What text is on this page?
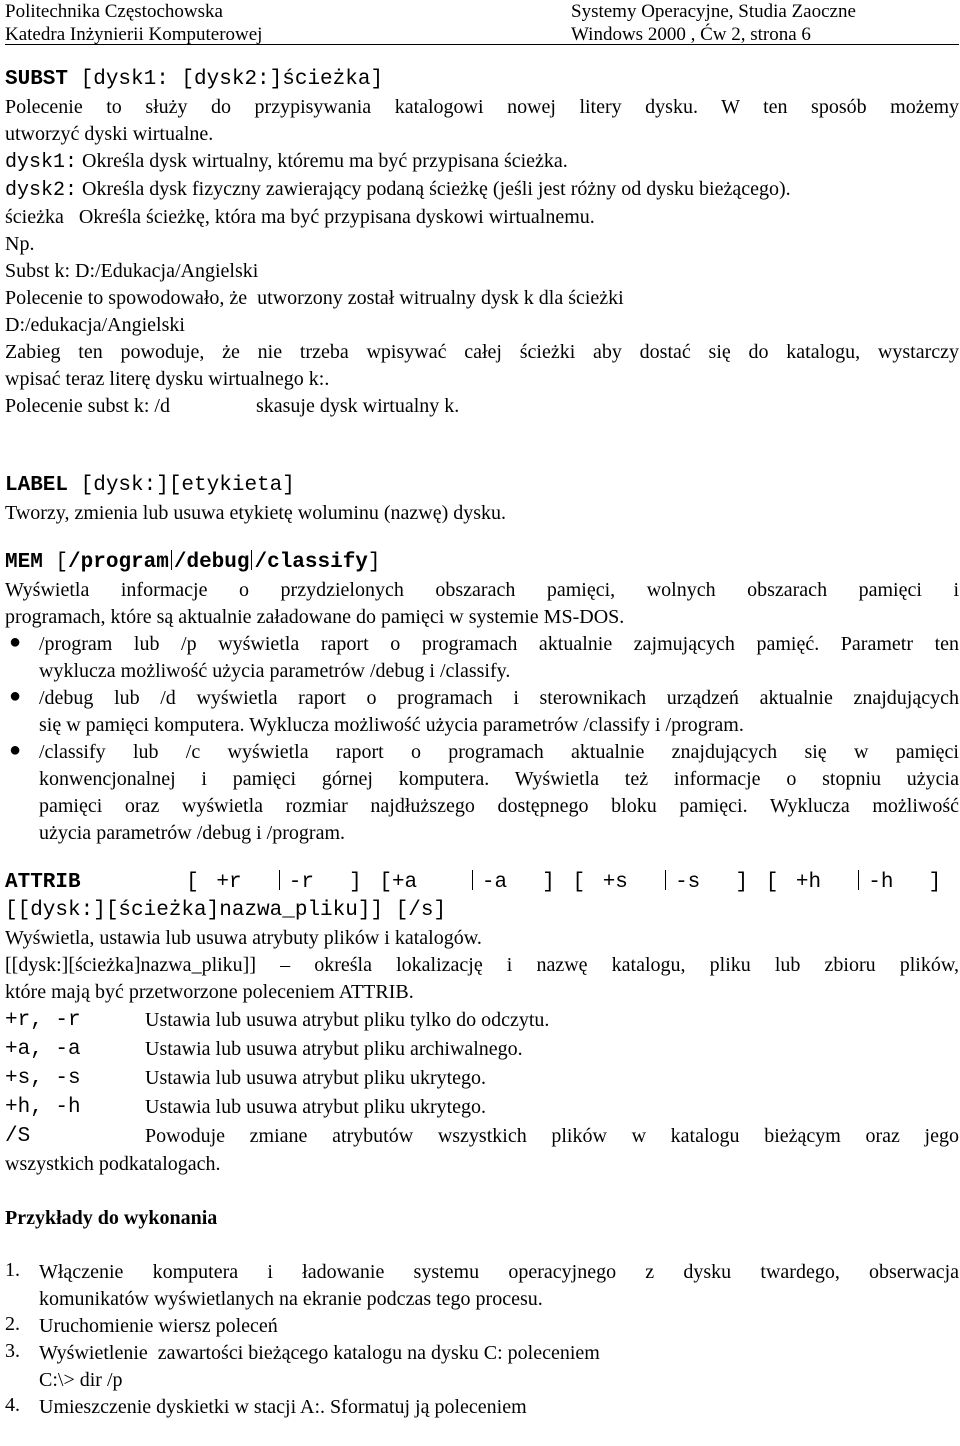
Politechnika Częstochowska
Katedra Inżynierii Komputerowej
Systemy Operacyjne, Studia Zaoczne
Windows 2000 , Ćw 2, strona 6
SUBST [dysk1: [dysk2:]ścieżka]
Polecenie to służy do przypisywania katalogowi nowej litery dysku. W ten sposób możemy
utworzyć dyski wirtualne.
dysk1: Określa dysk wirtualny, któremu ma być przypisana ścieżka.
dysk2: Określa dysk fizyczny zawierający podaną ścieżkę (jeśli jest różny od dysku bieżącego).
ścieżka   Określa ścieżkę, która ma być przypisana dyskowi wirtualnemu.
Np.
Subst k: D:/Edukacja/Angielski
Polecenie to spowodowało, że  utworzony został witrualny dysk k dla ścieżki
D:/edukacja/Angielski
Zabieg ten powoduje, że nie trzeba wpisywać całej ścieżki aby dostać się do katalogu, wystarczy
wpisać teraz literę dysku wirtualnego k:.
Polecenie subst k: /d	skasuje dysk wirtualny k.
LABEL [dysk:][etykieta]
Tworzy, zmienia lub usuwa etykietę woluminu (nazwę) dysku.
MEM [/program /debug /classify]
Wyświetla informacje o przydzielonych obszarach pamięci, wolnych obszarach pamięci i
programach, które są aktualnie załadowane do pamięci w systemie MS-DOS.
● /program lub /p wyświetla raport o programach aktualnie zajmujących pamięć. Parametr ten
wyklucza możliwość użycia parametrów /debug i /classify.
● /debug lub /d wyświetla raport o programach i sterownikach urządzeń aktualnie znajdujących
się w pamięci komputera. Wyklucza możliwość użycia parametrów /classify i /program.
● /classify lub /c wyświetla raport o programach aktualnie znajdujących się w pamięci
konwencjonalnej i pamięci górnej komputera. Wyświetla też informacje o stopniu użycia
pamięci oraz wyświetla rozmiar najdłuższego dostępnego bloku pamięci. Wyklucza możliwość
użycia parametrów /debug i /program.
ATTRIB	[	+r		-r	]	[+a		-a	]	[	+s		-s	]	[	+h		-h	]
[[dysk:][ścieżka]nazwa_pliku]] [/s]
Wyświetla, ustawia lub usuwa atrybuty plików i katalogów.
[[dysk:][ścieżka]nazwa_pliku]] – określa lokalizację i nazwę katalogu, pliku lub zbioru plików,
które mają być przetworzone poleceniem ATTRIB.
+r, -r	Ustawia lub usuwa atrybut pliku tylko do odczytu.
+a, -a	Ustawia lub usuwa atrybut pliku archiwalnego.
+s, -s	Ustawia lub usuwa atrybut pliku ukrytego.
+h, -h	Ustawia lub usuwa atrybut pliku ukrytego.
/S	Powoduje zmiane atrybutów wszystkich plików w katalogu bieżącym oraz jego
wszystkich podkatalogach.
Przykłady do wykonania
1. Włączenie komputera i ładowanie systemu operacyjnego z dysku twardego, obserwacja
komunikatów wyświetlanych na ekranie podczas tego procesu.
2. Uruchomienie wiersz poleceń
3. Wyświetlenie  zawartości bieżącego katalogu na dysku C: poleceniem
C:\> dir /p
4. Umieszczenie dyskietki w stacji A:. Sformatuj ją poleceniem
